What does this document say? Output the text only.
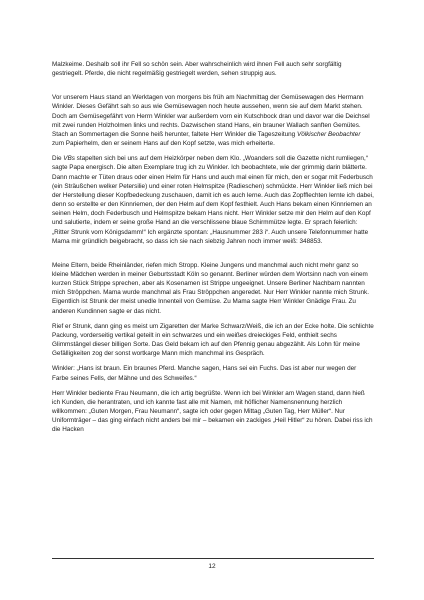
Malzkeime. Deshalb soll ihr Fell so schön sein. Aber wahrscheinlich wird ihnen Fell auch sehr sorgfältig gestriegelt. Pferde, die nicht regelmäßig gestriegelt werden, sehen struppig aus.

Vor unserem Haus stand an Werktagen von morgens bis früh am Nachmittag der Gemüsewagen des Hermann Winkler. Dieses Gefährt sah so aus wie Gemüsewagen noch heute aussehen, wenn sie auf dem Markt stehen. Doch am Gemüsegefährt von Herrn Winkler war außerdem vorn ein Kutschbock dran und davor war die Deichsel mit zwei runden Holzholmen links und rechts. Dazwischen stand Hans, ein brauner Wallach sanften Gemütes. Stach an Sommertagen die Sonne heiß herunter, faltete Herr Winkler die Tageszeitung Völkischer Beobachter zum Papierhelm, den er seinem Hans auf den Kopf setzte, was mich erheiterte.

Die VBs stapelten sich bei uns auf dem Heizkörper neben dem Klo. „Woanders soll die Gazette nicht rumliegen,“ sagte Papa energisch. Die alten Exemplare trug ich zu Winkler. Ich beobachtete, wie der grimmig darin blätterte. Dann machte er Tüten draus oder einen Helm für Hans und auch mal einen für mich, den er sogar mit Federbusch (ein Sträußchen welker Petersilie) und einer roten Helmspitze (Radieschen) schmückte. Herr Winkler ließ mich bei der Herstellung dieser Kopfbedeckung zuschauen, damit ich es auch lerne. Auch das Zopfflechten lernte ich dabei, denn so erstellte er den Kinnriemen, der den Helm auf dem Kopf festhielt. Auch Hans bekam einen Kinnriemen an seinen Helm, doch Federbusch und Helmspitze bekam Hans nicht. Herr Winkler setze mir den Helm auf den Kopf und salutierte, indem er seine große Hand an die verschlissene blaue Schirmmütze legte. Er sprach feierlich: „Ritter Strunk vom Königsdamm!“ Ich ergänzte spontan: „Hausnummer 283 i“. Auch unsere Telefonnummer hatte Mama mir gründlich beigebracht, so dass ich sie nach siebzig Jahren noch immer weiß: 348853.

Meine Eltern, beide Rheinländer, riefen mich Stropp. Kleine Jungens und manchmal auch nicht mehr ganz so kleine Mädchen werden in meiner Geburtsstadt Köln so genannt. Berliner würden dem Wortsinn nach von einem kurzen Stück Strippe sprechen, aber als Kosenamen ist Strippe ungeeignet. Unsere Berliner Nachbarn nannten mich Ströppchen. Mama wurde manchmal als Frau Ströppchen angeredet. Nur Herr Winkler nannte mich Strunk. Eigentlich ist Strunk der meist unedle Innenteil von Gemüse. Zu Mama sagte Herr Winkler Gnädige Frau. Zu anderen Kundinnen sagte er das nicht.

Rief er Strunk, dann ging es meist um Zigaretten der Marke Schwarz/Weiß, die ich an der Ecke holte. Die schlichte Packung, vorderseitig vertikal geteilt in ein schwarzes und ein weißes dreieckiges Feld, enthielt sechs Glimmstängel dieser billigen Sorte. Das Geld bekam ich auf den Pfennig genau abgezählt. Als Lohn für meine Gefälligkeiten zog der sonst wortkarge Mann mich manchmal ins Gespräch.

Winkler: „Hans ist braun. Ein braunes Pferd. Manche sagen, Hans sei ein Fuchs. Das ist aber nur wegen der Farbe seines Fells, der Mähne und des Schweifes.“

Herr Winkler bediente Frau Neumann, die ich artig begrüßte. Wenn ich bei Winkler am Wagen stand, dann hieß ich Kunden, die herantraten, und ich kannte fast alle mit Namen, mit höflicher Namensnennung herzlich willkommen: „Guten Morgen, Frau Neumann“, sagte ich oder gegen Mittag „Guten Tag, Herr Müller“. Nur Uniformträger – das ging einfach nicht anders bei mir – bekamen ein zackiges „Heil Hitler“ zu hören. Dabei riss ich die Hacken

12
